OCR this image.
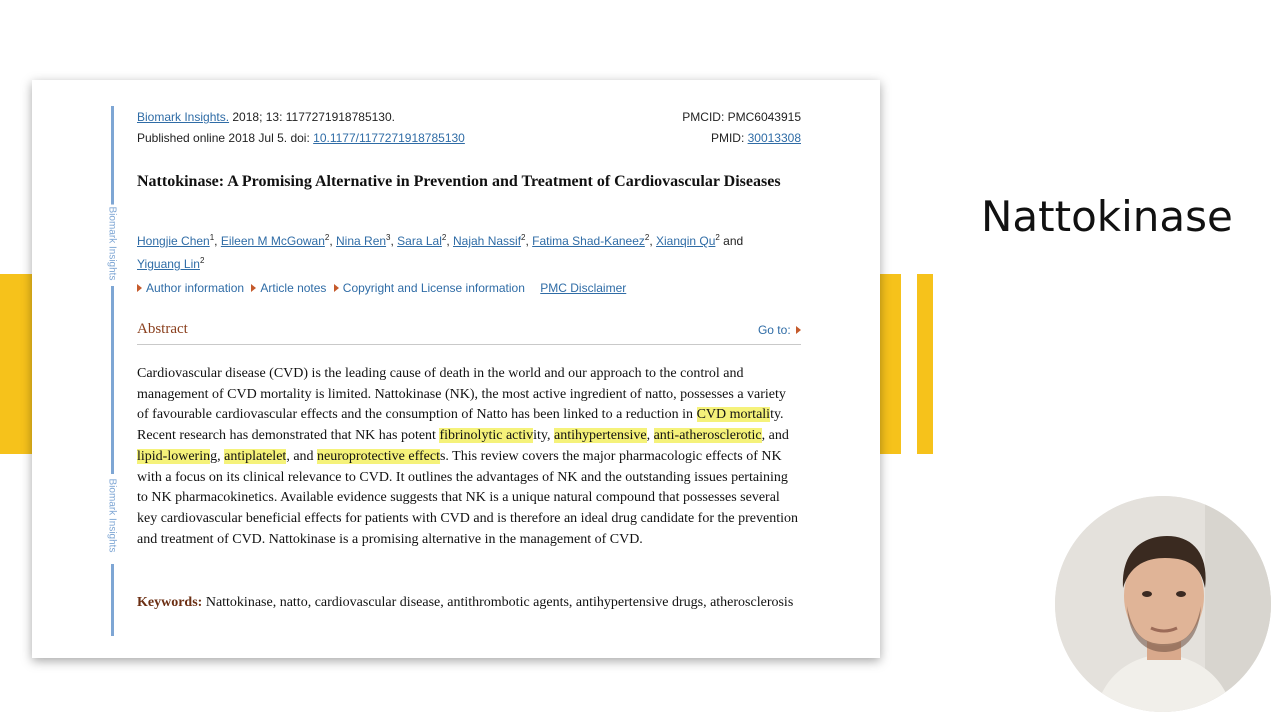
Nattokinase
Biomark Insights
Biomark Insights
Biomark Insights. 2018; 13: 1177271918785130.
Published online 2018 Jul 5. doi: 10.1177/1177271918785130
PMCID: PMC6043915
PMID: 30013308
Nattokinase: A Promising Alternative in Prevention and Treatment of Cardiovascular Diseases
Hongjie Chen$^1$, Eileen M McGowan$^2$, Nina Ren$^3$, Sara Lal$^2$, Najah Nassif$^2$, Fatima Shad-Kaneez$^2$, Xianqin Qu$^2$ and
Yiguang Lin$^2$
Author information Article notes Copyright and License information PMC Disclaimer
Abstract	Go to:

Cardiovascular disease (CVD) is the leading cause of death in the world and our approach to the control and management of CVD mortality is limited. Nattokinase (NK), the most active ingredient of natto, possesses a variety of favourable cardiovascular effects and the consumption of Natto has been linked to a reduction in CVD mortality. Recent research has demonstrated that NK has potent fibrinolytic activity, antihypertensive, anti-atherosclerotic, and lipid-lowering, antiplatelet, and neuroprotective effects. This review covers the major pharmacologic effects of NK with a focus on its clinical relevance to CVD. It outlines the advantages of NK and the outstanding issues pertaining to NK pharmacokinetics. Available evidence suggests that NK is a unique natural compound that possesses several key cardiovascular beneficial effects for patients with CVD and is therefore an ideal drug candidate for the prevention and treatment of CVD. Nattokinase is a promising alternative in the management of CVD.

Keywords: Nattokinase, natto, cardiovascular disease, antithrombotic agents, antihypertensive drugs, atherosclerosis
